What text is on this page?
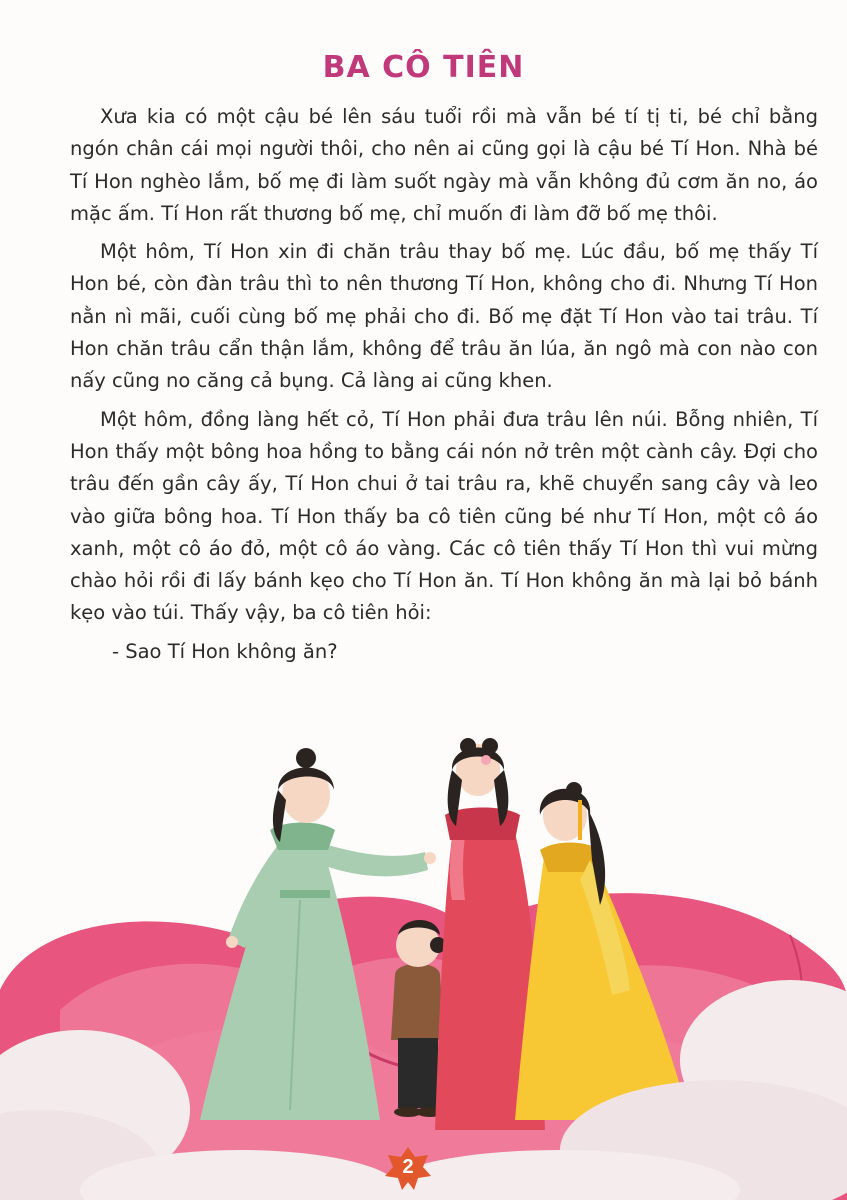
BA CÔ TIÊN

Xưa kia có một cậu bé lên sáu tuổi rồi mà vẫn bé tí tị ti, bé chỉ bằng ngón chân cái mọi người thôi, cho nên ai cũng gọi là cậu bé Tí Hon. Nhà bé Tí Hon nghèo lắm, bố mẹ đi làm suốt ngày mà vẫn không đủ cơm ăn no, áo mặc ấm. Tí Hon rất thương bố mẹ, chỉ muốn đi làm đỡ bố mẹ thôi.

Một hôm, Tí Hon xin đi chăn trâu thay bố mẹ. Lúc đầu, bố mẹ thấy Tí Hon bé, còn đàn trâu thì to nên thương Tí Hon, không cho đi. Nhưng Tí Hon nằn nì mãi, cuối cùng bố mẹ phải cho đi. Bố mẹ đặt Tí Hon vào tai trâu. Tí Hon chăn trâu cẩn thận lắm, không để trâu ăn lúa, ăn ngô mà con nào con nấy cũng no căng cả bụng. Cả làng ai cũng khen.

Một hôm, đồng làng hết cỏ, Tí Hon phải đưa trâu lên núi. Bỗng nhiên, Tí Hon thấy một bông hoa hồng to bằng cái nón nở trên một cành cây. Đợi cho trâu đến gần cây ấy, Tí Hon chui ở tai trâu ra, khẽ chuyển sang cây và leo vào giữa bông hoa. Tí Hon thấy ba cô tiên cũng bé như Tí Hon, một cô áo xanh, một cô áo đỏ, một cô áo vàng. Các cô tiên thấy Tí Hon thì vui mừng chào hỏi rồi đi lấy bánh kẹo cho Tí Hon ăn. Tí Hon không ăn mà lại bỏ bánh kẹo vào túi. Thấy vậy, ba cô tiên hỏi:

- Sao Tí Hon không ăn?

2
